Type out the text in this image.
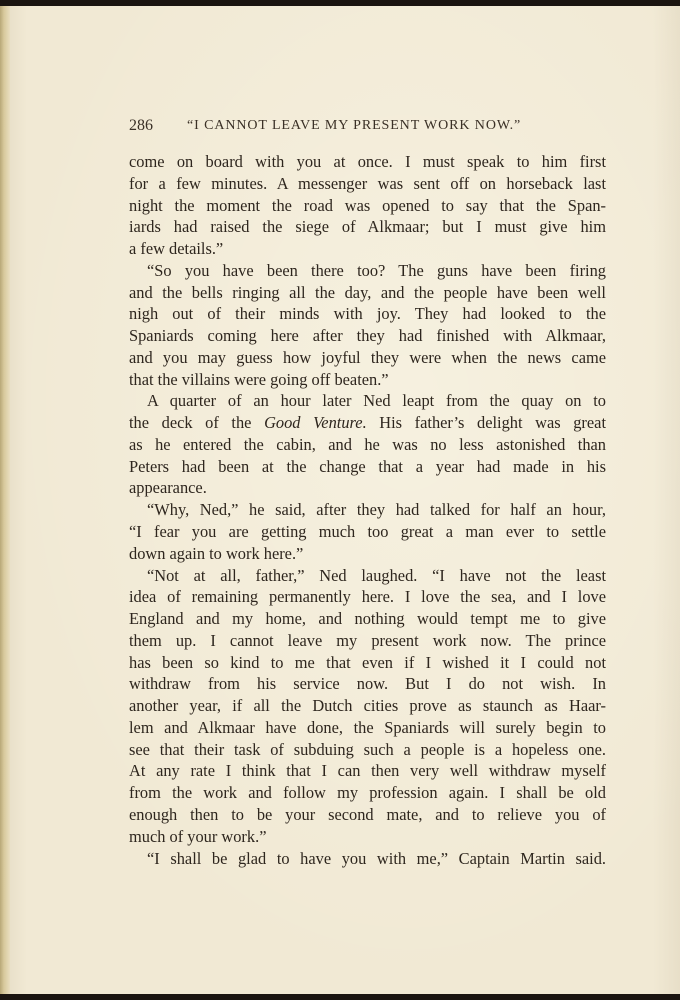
286 “I CANNOT LEAVE MY PRESENT WORK NOW.”
come on board with you at once. I must speak to him first
for a few minutes. A messenger was sent off on horseback last
night the moment the road was opened to say that the Span-
iards had raised the siege of Alkmaar; but I must give him
a few details.”
“So you have been there too? The guns have been firing
and the bells ringing all the day, and the people have been well
nigh out of their minds with joy. They had looked to the
Spaniards coming here after they had finished with Alkmaar,
and you may guess how joyful they were when the news came
that the villains were going off beaten.”
A quarter of an hour later Ned leapt from the quay on to
the deck of the Good Venture. His father’s delight was great
as he entered the cabin, and he was no less astonished than
Peters had been at the change that a year had made in his
appearance.
“Why, Ned,” he said, after they had talked for half an hour,
“I fear you are getting much too great a man ever to settle
down again to work here.”
“Not at all, father,” Ned laughed. “I have not the least
idea of remaining permanently here. I love the sea, and I love
England and my home, and nothing would tempt me to give
them up. I cannot leave my present work now. The prince
has been so kind to me that even if I wished it I could not
withdraw from his service now. But I do not wish. In
another year, if all the Dutch cities prove as staunch as Haar-
lem and Alkmaar have done, the Spaniards will surely begin to
see that their task of subduing such a people is a hopeless one.
At any rate I think that I can then very well withdraw myself
from the work and follow my profession again. I shall be old
enough then to be your second mate, and to relieve you of
much of your work.”
“I shall be glad to have you with me,” Captain Martin said.
